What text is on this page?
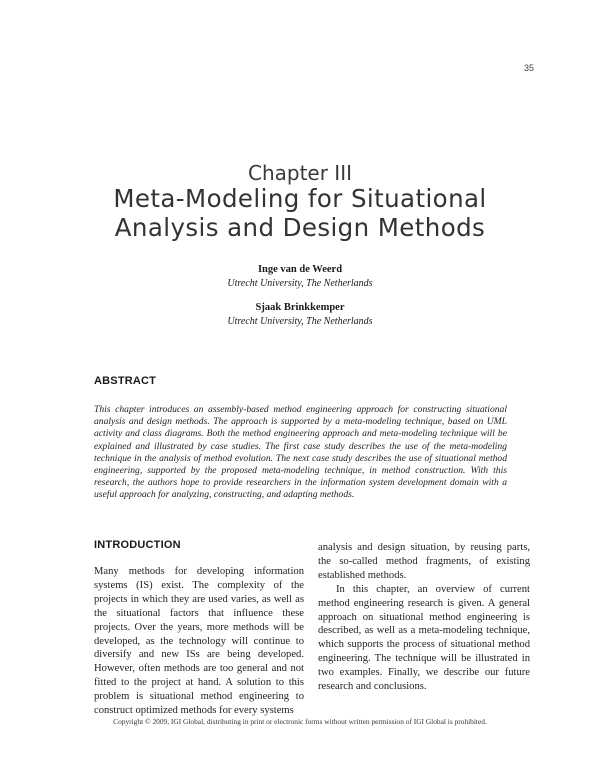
35
Chapter III
Meta-Modeling for Situational
Analysis and Design Methods
Inge van de Weerd
Utrecht University, The Netherlands
Sjaak Brinkkemper
Utrecht University, The Netherlands
ABSTRACT
This chapter introduces an assembly-based method engineering approach for constructing situational analysis and design methods. The approach is supported by a meta-modeling technique, based on UML activity and class diagrams. Both the method engineering approach and meta-modeling technique will be explained and illustrated by case studies. The first case study describes the use of the meta-modeling technique in the analysis of method evolution. The next case study describes the use of situational method engineering, supported by the proposed meta-modeling technique, in method construction. With this research, the authors hope to provide researchers in the information system development domain with a useful approach for analyzing, constructing, and adapting methods.
INTRODUCTION

Many methods for developing information systems (IS) exist. The complexity of the projects in which they are used varies, as well as the situational factors that influence these projects. Over the years, more methods will be developed, as the technology will continue to diversify and new ISs are being developed. However, often methods are too general and not fitted to the project at hand. A solution to this problem is situational method engineering to construct optimized methods for every systems

analysis and design situation, by reusing parts, the so-called method fragments, of existing established methods.

In this chapter, an overview of current method engineering research is given. A general approach on situational method engineering is described, as well as a meta-modeling technique, which supports the process of situational method engineering. The technique will be illustrated in two examples. Finally, we describe our future research and conclusions.

Copyright © 2009, IGI Global, distributing in print or electronic forms without written permission of IGI Global is prohibited.
